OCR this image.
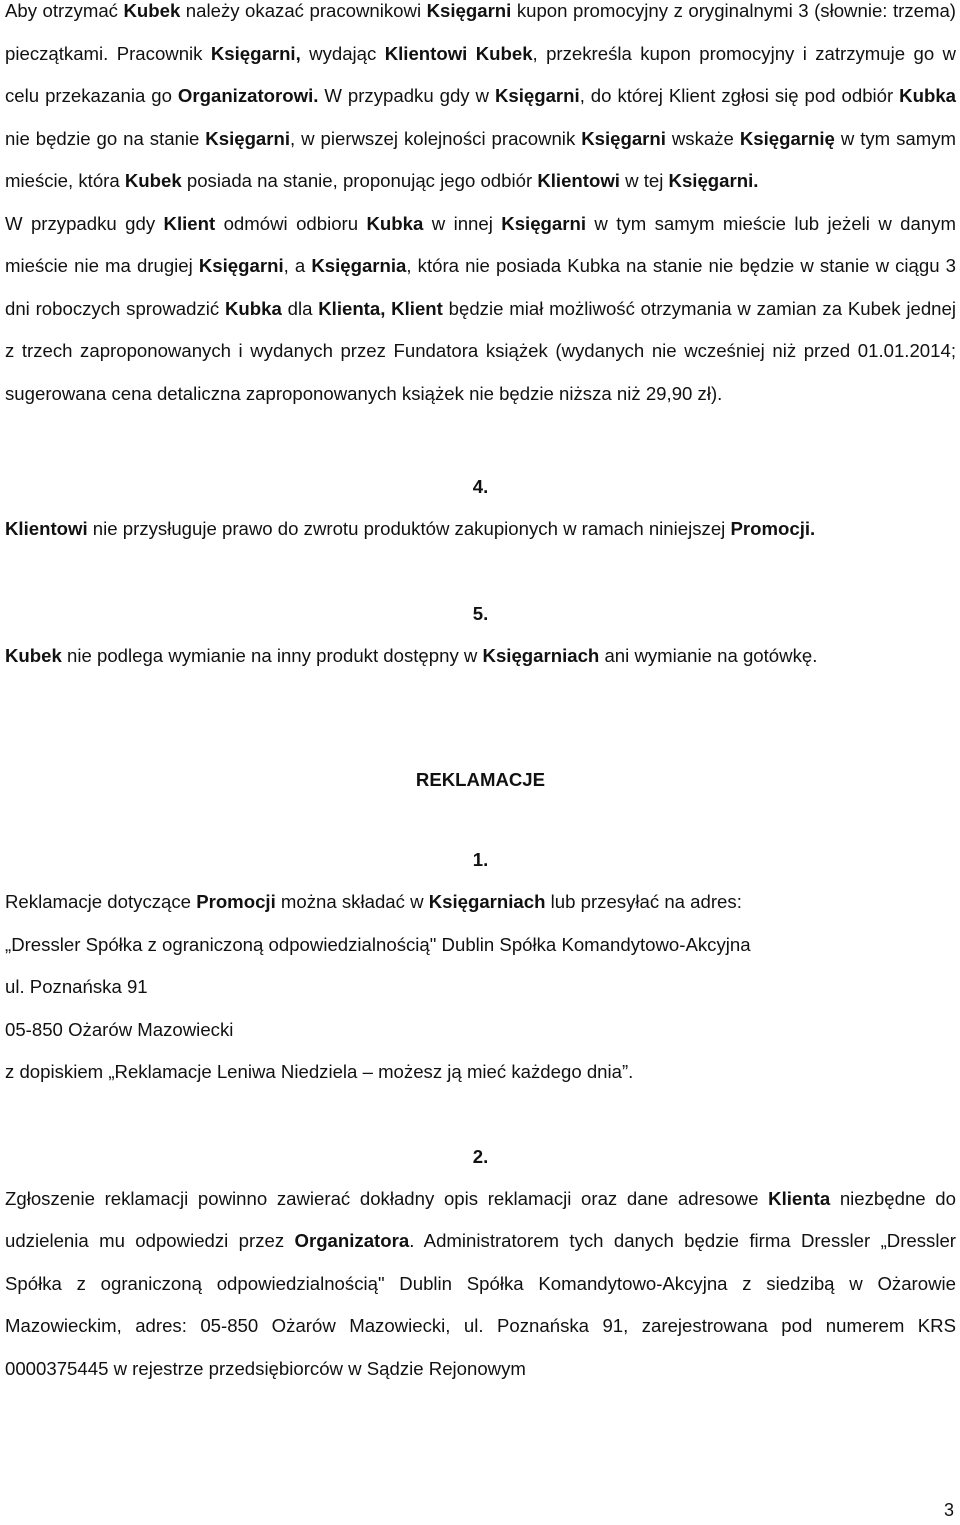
Aby otrzymać Kubek należy okazać pracownikowi Księgarni kupon promocyjny z oryginalnymi 3 (słownie: trzema) pieczątkami. Pracownik Księgarni, wydając Klientowi Kubek, przekreśla kupon promocyjny i zatrzymuje go w celu przekazania go Organizatorowi. W przypadku gdy w Księgarni, do której Klient zgłosi się pod odbiór Kubka nie będzie go na stanie Księgarni, w pierwszej kolejności pracownik Księgarni wskaże Księgarnię w tym samym mieście, która Kubek posiada na stanie, proponując jego odbiór Klientowi w tej Księgarni.

W przypadku gdy Klient odmówi odbioru Kubka w innej Księgarni w tym samym mieście lub jeżeli w danym mieście nie ma drugiej Księgarni, a Księgarnia, która nie posiada Kubka na stanie nie będzie w stanie w ciągu 3 dni roboczych sprowadzić Kubka dla Klienta, Klient będzie miał możliwość otrzymania w zamian za Kubek jednej z trzech zaproponowanych i wydanych przez Fundatora książek (wydanych nie wcześniej niż przed 01.01.2014; sugerowana cena detaliczna zaproponowanych książek nie będzie niższa niż 29,90 zł).

4.

Klientowi nie przysługuje prawo do zwrotu produktów zakupionych w ramach niniejszej Promocji.

5.

Kubek nie podlega wymianie na inny produkt dostępny w Księgarniach ani wymianie na gotówkę.

REKLAMACJE

1.

Reklamacje dotyczące Promocji można składać w Księgarniach lub przesyłać na adres:

„Dressler Spółka z ograniczoną odpowiedzialnością" Dublin Spółka Komandytowo-Akcyjna

ul. Poznańska 91

05-850 Ożarów Mazowiecki

z dopiskiem „Reklamacje Leniwa Niedziela – możesz ją mieć każdego dnia”.

2.

Zgłoszenie reklamacji powinno zawierać dokładny opis reklamacji oraz dane adresowe Klienta niezbędne do udzielenia mu odpowiedzi przez Organizatora. Administratorem tych danych będzie firma Dressler „Dressler Spółka z ograniczoną odpowiedzialnością" Dublin Spółka Komandytowo-Akcyjna z siedzibą w Ożarowie Mazowieckim, adres: 05-850 Ożarów Mazowiecki, ul. Poznańska 91, zarejestrowana pod numerem KRS 0000375445 w rejestrze przedsiębiorców w Sądzie Rejonowym

3
